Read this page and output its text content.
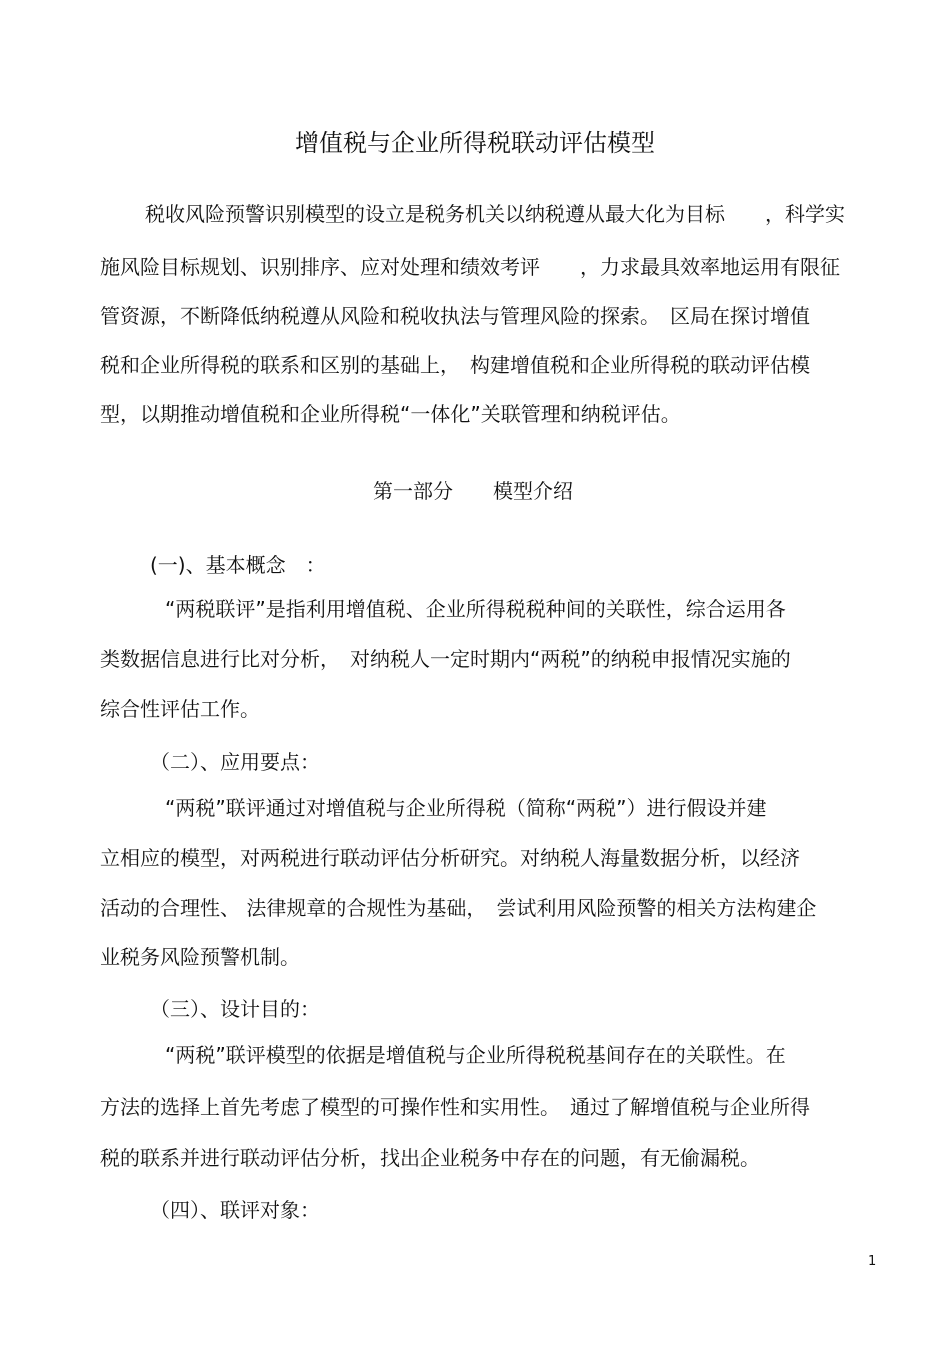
增值税与企业所得税联动评估模型

税收风险预警识别模型的设立是税务机关以纳税遵从最大化为目标　　，科学实

施风险目标规划、识别排序、应对处理和绩效考评　　，力求最具效率地运用有限征

管资源，不断降低纳税遵从风险和税收执法与管理风险的探索。　区局在探讨增值

税和企业所得税的联系和区别的基础上，　构建增值税和企业所得税的联动评估模

型，以期推动增值税和企业所得税“一体化”关联管理和纳税评估。

第一部分　　模型介绍

(一)、基本概念　：

“两税联评”是指利用增值税、企业所得税税种间的关联性，综合运用各

类数据信息进行比对分析，　对纳税人一定时期内“两税”的纳税申报情况实施的

综合性评估工作。

（二）、应用要点：

“两税”联评通过对增值税与企业所得税（简称“两税”）进行假设并建

立相应的模型，对两税进行联动评估分析研究。对纳税人海量数据分析，以经济

活动的合理性、 法律规章的合规性为基础，　尝试利用风险预警的相关方法构建企

业税务风险预警机制。

（三）、设计目的：

“两税”联评模型的依据是增值税与企业所得税税基间存在的关联性。在

方法的选择上首先考虑了模型的可操作性和实用性。　通过了解增值税与企业所得

税的联系并进行联动评估分析，找出企业税务中存在的问题，有无偷漏税。

（四）、联评对象：

1
